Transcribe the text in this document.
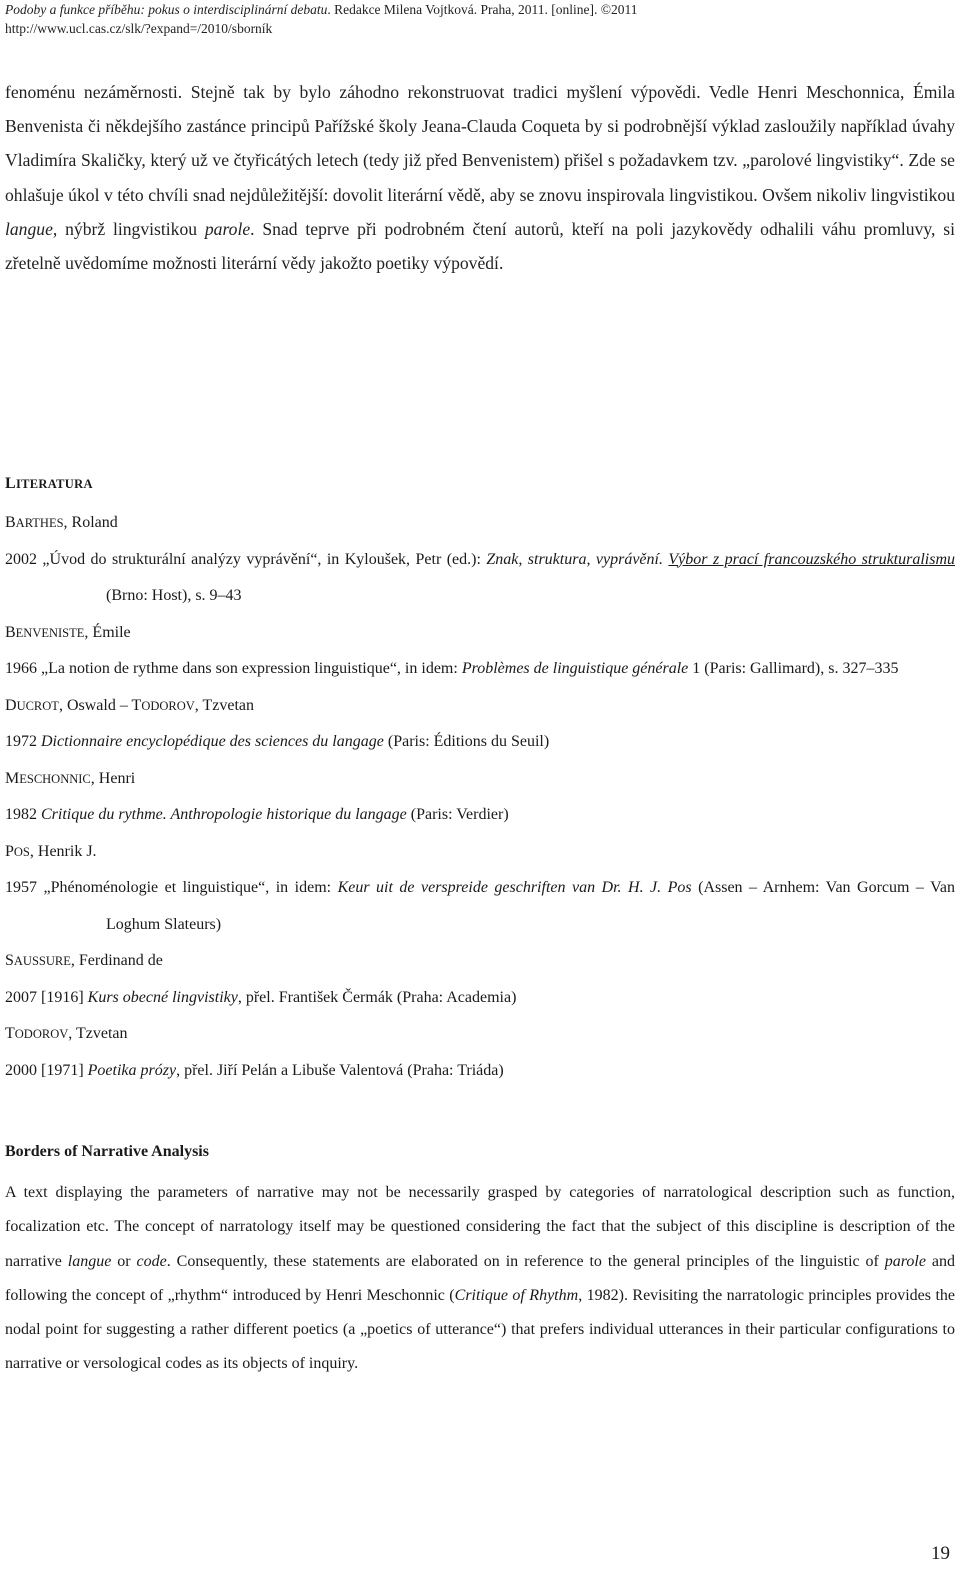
Podoby a funkce příběhu: pokus o interdisciplinární debatu. Redakce Milena Vojtková. Praha, 2011. [online]. ©2011
http://www.ucl.cas.cz/slk/?expand=/2010/sborník

fenoménu nezáměrnosti. Stejně tak by bylo záhodno rekonstruovat tradici myšlení výpovědi. Vedle Henri Meschonnica, Émila Benvenista či někdejšího zastánce principů Pařížské školy Jeana-Clauda Coqueta by si podrobnější výklad zasloužily například úvahy Vladimíra Skaličky, který už ve čtyřicátých letech (tedy již před Benvenistem) přišel s požadavkem tzv. „parolové lingvistiky“. Zde se ohlašuje úkol v této chvíli snad nejdůležitější: dovolit literární vědě, aby se znovu inspirovala lingvistikou. Ovšem nikoliv lingvistikou langue, nýbrž lingvistikou parole. Snad teprve při podrobném čtení autorů, kteří na poli jazykovědy odhalili váhu promluvy, si zřetelně uvědomíme možnosti literární vědy jakožto poetiky výpovědí.

LITERATURA
BARTHES, Roland
2002 „Úvod do strukturální analýzy vyprávění“, in Kyloušek, Petr (ed.): Znak, struktura, vyprávění. Výbor z prací francouzského strukturalismu (Brno: Host), s. 9–43
BENVENISTE, Émile
1966 „La notion de rythme dans son expression linguistique“, in idem: Problèmes de linguistique générale 1 (Paris: Gallimard), s. 327–335
DUCROT, Oswald – TODOROV, Tzvetan
1972 Dictionnaire encyclopédique des sciences du langage (Paris: Éditions du Seuil)
MESCHONNIC, Henri
1982 Critique du rythme. Anthropologie historique du langage (Paris: Verdier)
POS, Henrik J.
1957 „Phénoménologie et linguistique“, in idem: Keur uit de verspreide geschriften van Dr. H. J. Pos (Assen – Arnhem: Van Gorcum – Van Loghum Slateurs)
SAUSSURE, Ferdinand de
2007 [1916] Kurs obecné lingvistiky, přel. František Čermák (Praha: Academia)
TODOROV, Tzvetan
2000 [1971] Poetika prózy, přel. Jiří Pelán a Libuše Valentová (Praha: Triáda)
Borders of Narrative Analysis
A text displaying the parameters of narrative may not be necessarily grasped by categories of narratological description such as function, focalization etc. The concept of narratology itself may be questioned considering the fact that the subject of this discipline is description of the narrative langue or code. Consequently, these statements are elaborated on in reference to the general principles of the linguistic of parole and following the concept of „rhythm“ introduced by Henri Meschonnic (Critique of Rhythm, 1982). Revisiting the narratologic principles provides the nodal point for suggesting a rather different poetics (a „poetics of utterance“) that prefers individual utterances in their particular configurations to narrative or versological codes as its objects of inquiry.
19
